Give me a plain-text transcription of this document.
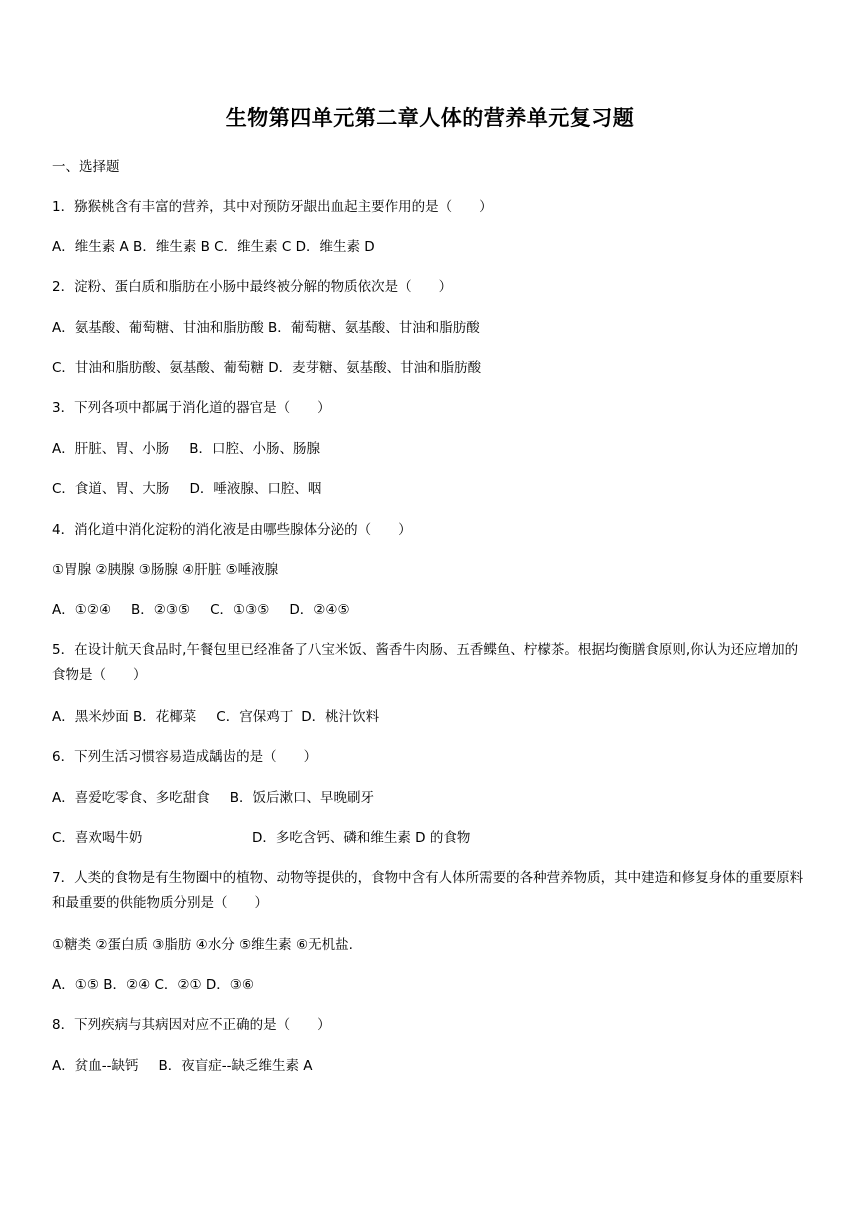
生物第四单元第二章人体的营养单元复习题
一、选择题
1．猕猴桃含有丰富的营养，其中对预防牙龈出血起主要作用的是（　　）
A．维生素 A B．维生素 B C．维生素 C D．维生素 D
2．淀粉、蛋白质和脂肪在小肠中最终被分解的物质依次是（　　）
A．氨基酸、葡萄糖、甘油和脂肪酸 B．葡萄糖、氨基酸、甘油和脂肪酸
C．甘油和脂肪酸、氨基酸、葡萄糖 D．麦芽糖、氨基酸、甘油和脂肪酸
3．下列各项中都属于消化道的器官是（　　）
A．肝脏、胃、小肠 B．口腔、小肠、肠腺
C．食道、胃、大肠 D．唾液腺、口腔、咽
4．消化道中消化淀粉的消化液是由哪些腺体分泌的（　　）
①胃腺 ②胰腺 ③肠腺 ④肝脏 ⑤唾液腺
A．①②④ B．②③⑤ C．①③⑤ D．②④⑤
5．在设计航天食品时,午餐包里已经准备了八宝米饭、酱香牛肉肠、五香鲽鱼、柠檬茶。根据均衡膳食原则,你认为还应增加的食物是（　　）
A．黑米炒面 B．花椰菜 C．宫保鸡丁 D．桃汁饮料
6．下列生活习惯容易造成龋齿的是（　　）
A．喜爱吃零食、多吃甜食 B．饭后漱口、早晚刷牙
C．喜欢喝牛奶	D．多吃含钙、磷和维生素 D 的食物
7．人类的食物是有生物圈中的植物、动物等提供的，食物中含有人体所需要的各种营养物质，其中建造和修复身体的重要原料和最重要的供能物质分别是（　　）
①糖类 ②蛋白质 ③脂肪 ④水分 ⑤维生素 ⑥无机盐.
A．①⑤ B．②④ C．②① D．③⑥
8．下列疾病与其病因对应不正确的是（　　）
A．贫血--缺钙 B．夜盲症--缺乏维生素 A
